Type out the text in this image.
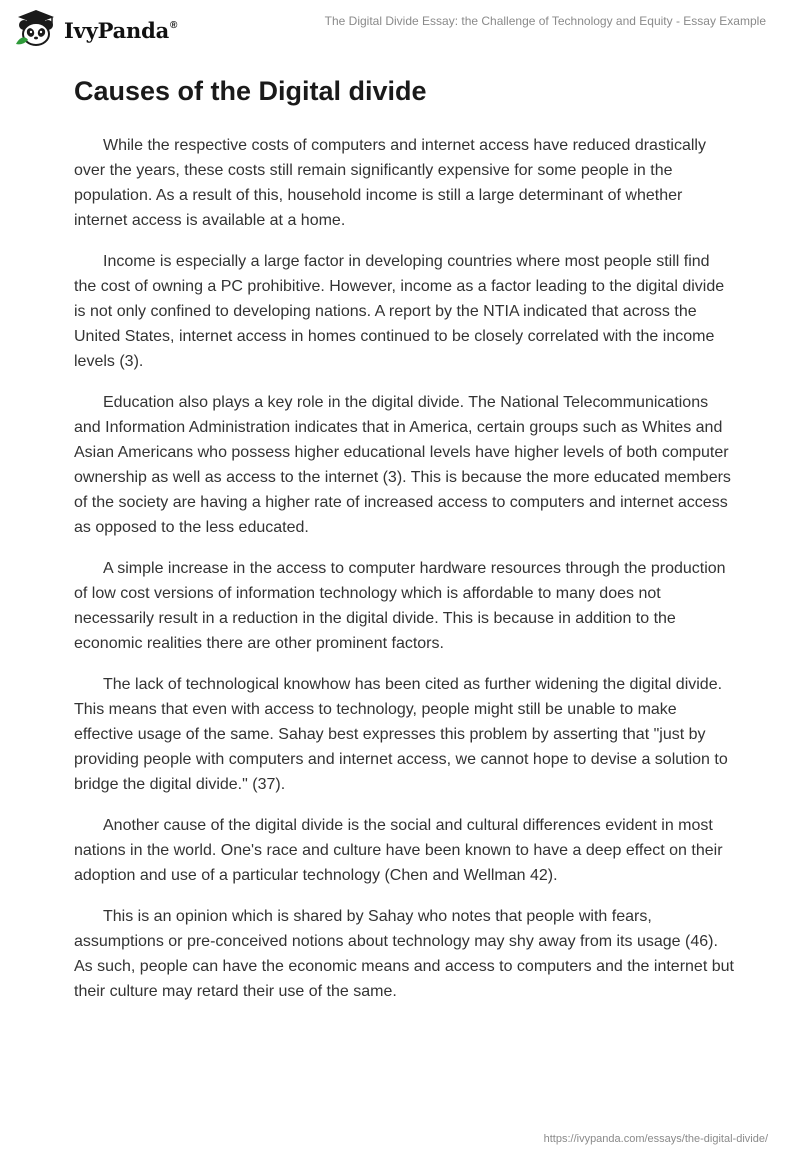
IvyPanda®	The Digital Divide Essay: the Challenge of Technology and Equity - Essay Example
Causes of the Digital divide

While the respective costs of computers and internet access have reduced drastically over the years, these costs still remain significantly expensive for some people in the population. As a result of this, household income is still a large determinant of whether internet access is available at a home.

Income is especially a large factor in developing countries where most people still find the cost of owning a PC prohibitive. However, income as a factor leading to the digital divide is not only confined to developing nations. A report by the NTIA indicated that across the United States, internet access in homes continued to be closely correlated with the income levels (3).

Education also plays a key role in the digital divide. The National Telecommunications and Information Administration indicates that in America, certain groups such as Whites and Asian Americans who possess higher educational levels have higher levels of both computer ownership as well as access to the internet (3). This is because the more educated members of the society are having a higher rate of increased access to computers and internet access as opposed to the less educated.

A simple increase in the access to computer hardware resources through the production of low cost versions of information technology which is affordable to many does not necessarily result in a reduction in the digital divide. This is because in addition to the economic realities there are other prominent factors.

The lack of technological knowhow has been cited as further widening the digital divide. This means that even with access to technology, people might still be unable to make effective usage of the same. Sahay best expresses this problem by asserting that "just by providing people with computers and internet access, we cannot hope to devise a solution to bridge the digital divide." (37).

Another cause of the digital divide is the social and cultural differences evident in most nations in the world. One's race and culture have been known to have a deep effect on their adoption and use of a particular technology (Chen and Wellman 42).

This is an opinion which is shared by Sahay who notes that people with fears, assumptions or pre-conceived notions about technology may shy away from its usage (46). As such, people can have the economic means and access to computers and the internet but their culture may retard their use of the same.

https://ivypanda.com/essays/the-digital-divide/
